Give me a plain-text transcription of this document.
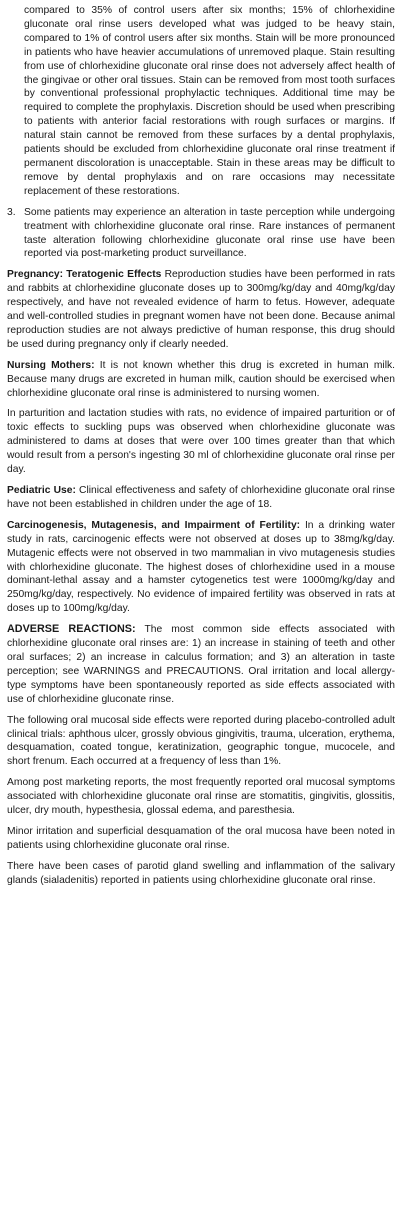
compared to 35% of control users after six months; 15% of chlorhexidine gluconate oral rinse users developed what was judged to be heavy stain, compared to 1% of control users after six months. Stain will be more pronounced in patients who have heavier accumulations of unremoved plaque. Stain resulting from use of chlorhexidine gluconate oral rinse does not adversely affect health of the gingivae or other oral tissues. Stain can be removed from most tooth surfaces by conventional professional prophylactic techniques. Additional time may be required to complete the prophylaxis. Discretion should be used when prescribing to patients with anterior facial restorations with rough surfaces or margins. If natural stain cannot be removed from these surfaces by a dental prophylaxis, patients should be excluded from chlorhexidine gluconate oral rinse treatment if permanent discoloration is unacceptable. Stain in these areas may be difficult to remove by dental prophylaxis and on rare occasions may necessitate replacement of these restorations.

3. Some patients may experience an alteration in taste perception while undergoing treatment with chlorhexidine gluconate oral rinse. Rare instances of permanent taste alteration following chlorhexidine gluconate oral rinse use have been reported via post-marketing product surveillance.

Pregnancy: Teratogenic Effects Reproduction studies have been performed in rats and rabbits at chlorhexidine gluconate doses up to 300mg/kg/day and 40mg/kg/day respectively, and have not revealed evidence of harm to fetus. However, adequate and well-controlled studies in pregnant women have not been done. Because animal reproduction studies are not always predictive of human response, this drug should be used during pregnancy only if clearly needed.

Nursing Mothers: It is not known whether this drug is excreted in human milk. Because many drugs are excreted in human milk, caution should be exercised when chlorhexidine gluconate oral rinse is administered to nursing women.

In parturition and lactation studies with rats, no evidence of impaired parturition or of toxic effects to suckling pups was observed when chlorhexidine gluconate was administered to dams at doses that were over 100 times greater than that which would result from a person's ingesting 30 ml of chlorhexidine gluconate oral rinse per day.

Pediatric Use: Clinical effectiveness and safety of chlorhexidine gluconate oral rinse have not been established in children under the age of 18.

Carcinogenesis, Mutagenesis, and Impairment of Fertility: In a drinking water study in rats, carcinogenic effects were not observed at doses up to 38mg/kg/day. Mutagenic effects were not observed in two mammalian in vivo mutagenesis studies with chlorhexidine gluconate. The highest doses of chlorhexidine used in a mouse dominant-lethal assay and a hamster cytogenetics test were 1000mg/kg/day and 250mg/kg/day, respectively. No evidence of impaired fertility was observed in rats at doses up to 100mg/kg/day.

ADVERSE REACTIONS: The most common side effects associated with chlorhexidine gluconate oral rinses are: 1) an increase in staining of teeth and other oral surfaces; 2) an increase in calculus formation; and 3) an alteration in taste perception; see WARNINGS and PRECAUTIONS. Oral irritation and local allergy-type symptoms have been spontaneously reported as side effects associated with use of chlorhexidine gluconate rinse.

The following oral mucosal side effects were reported during placebo-controlled adult clinical trials: aphthous ulcer, grossly obvious gingivitis, trauma, ulceration, erythema, desquamation, coated tongue, keratinization, geographic tongue, mucocele, and short frenum. Each occurred at a frequency of less than 1%.

Among post marketing reports, the most frequently reported oral mucosal symptoms associated with chlorhexidine gluconate oral rinse are stomatitis, gingivitis, glossitis, ulcer, dry mouth, hypesthesia, glossal edema, and paresthesia.

Minor irritation and superficial desquamation of the oral mucosa have been noted in patients using chlorhexidine gluconate oral rinse.

There have been cases of parotid gland swelling and inflammation of the salivary glands (sialadenitis) reported in patients using chlorhexidine gluconate oral rinse.
